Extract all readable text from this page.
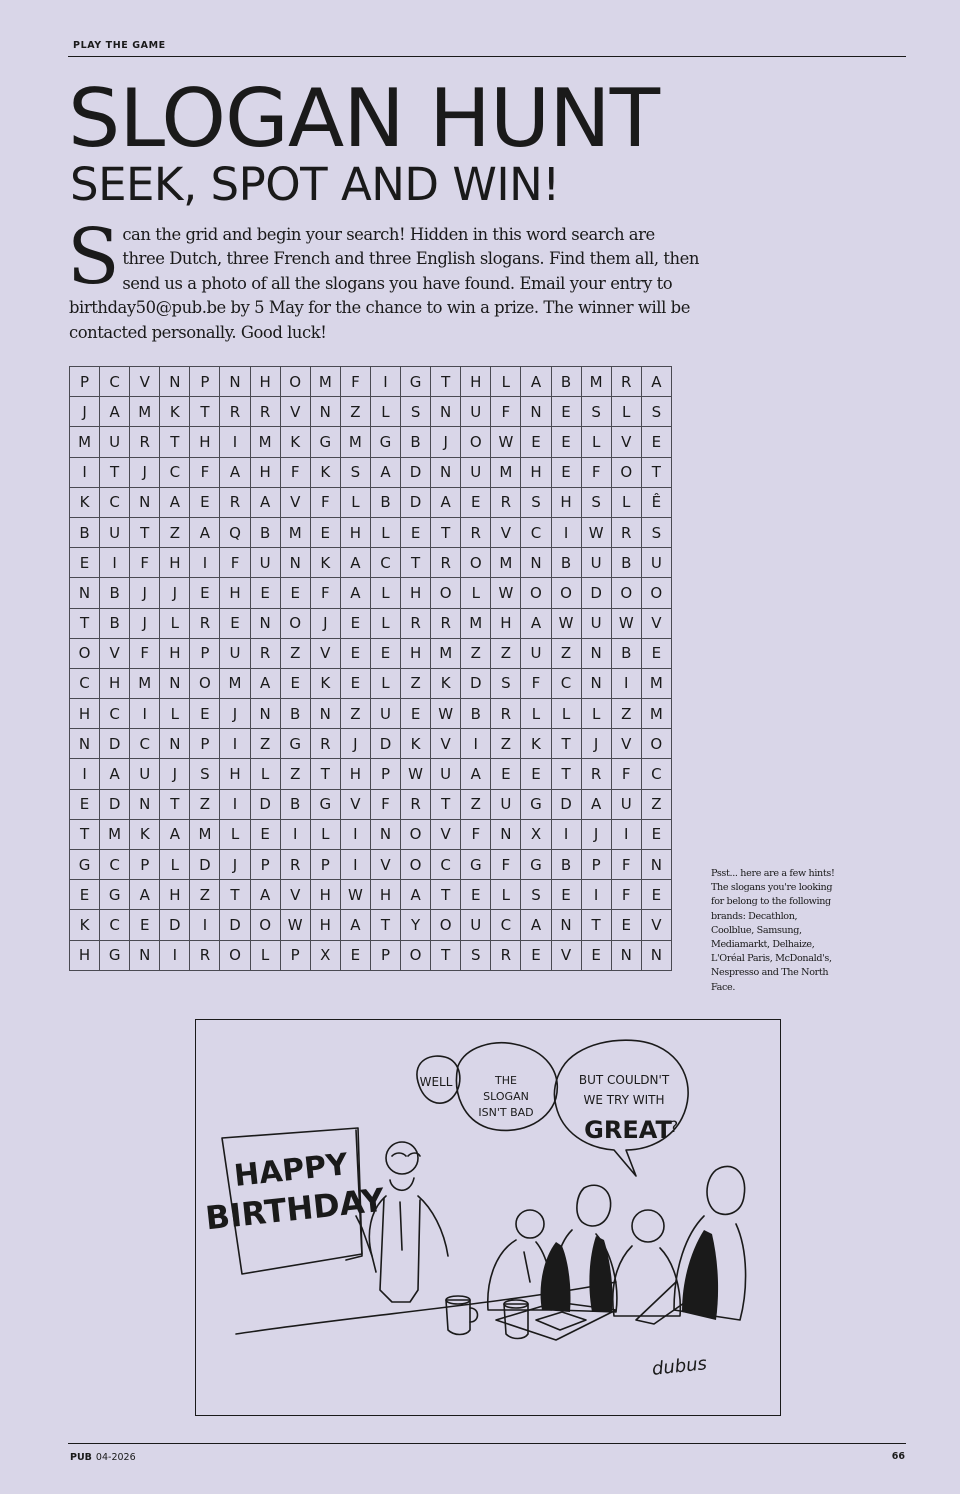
PLAY THE GAME
SLOGAN HUNT
SEEK, SPOT AND WIN!

Scan the grid and begin your search! Hidden in this word search are three Dutch, three French and three English slogans. Find them all, then send us a photo of all the slogans you have found. Email your entry to birthday50@pub.be by 5 May for the chance to win a prize. The winner will be contacted personally. Good luck!

P	C	V	N	P	N	H	O	M	F	I	G	T	H	L	A	B	M	R	A
J	A	M	K	T	R	R	V	N	Z	L	S	N	U	F	N	E	S	L	S
M	U	R	T	H	I	M	K	G	M	G	B	J	O	W	E	E	L	V	E
I	T	J	C	F	A	H	F	K	S	A	D	N	U	M	H	E	F	O	T
K	C	N	A	E	R	A	V	F	L	B	D	A	E	R	S	H	S	L	Ê
B	U	T	Z	A	Q	B	M	E	H	L	E	T	R	V	C	I	W	R	S
E	I	F	H	I	F	U	N	K	A	C	T	R	O	M	N	B	U	B	U
N	B	J	J	E	H	E	E	F	A	L	H	O	L	W	O	O	D	O	O
T	B	J	L	R	E	N	O	J	E	L	R	R	M	H	A	W	U	W	V
O	V	F	H	P	U	R	Z	V	E	E	H	M	Z	Z	U	Z	N	B	E
C	H	M	N	O	M	A	E	K	E	L	Z	K	D	S	F	C	N	I	M
H	C	I	L	E	J	N	B	N	Z	U	E	W	B	R	L	L	L	Z	M
N	D	C	N	P	I	Z	G	R	J	D	K	V	I	Z	K	T	J	V	O
I	A	U	J	S	H	L	Z	T	H	P	W	U	A	E	E	T	R	F	C
E	D	N	T	Z	I	D	B	G	V	F	R	T	Z	U	G	D	A	U	Z
T	M	K	A	M	L	E	I	L	I	N	O	V	F	N	X	I	J	I	E
G	C	P	L	D	J	P	R	P	I	V	O	C	G	F	G	B	P	F	N
E	G	A	H	Z	T	A	V	H	W	H	A	T	E	L	S	E	I	F	E
K	C	E	D	I	D	O	W	H	A	T	Y	O	U	C	A	N	T	E	V
H	G	N	I	R	O	L	P	X	E	P	O	T	S	R	E	V	E	N	N
Psst... here are a few hints! The slogans you're looking for belong to the following brands: Decathlon, Coolblue, Samsung, Mediamarkt, Delhaize, L'Oréal Paris, McDonald's, Nespresso and The North Face.
WELL	THE
SLOGAN
ISN'T BAD
BUT COULDN'T
WE TRY WITH
GREAT
?
HAPPY
BIRTHDAY
dubus
PUB 04-2026	66
